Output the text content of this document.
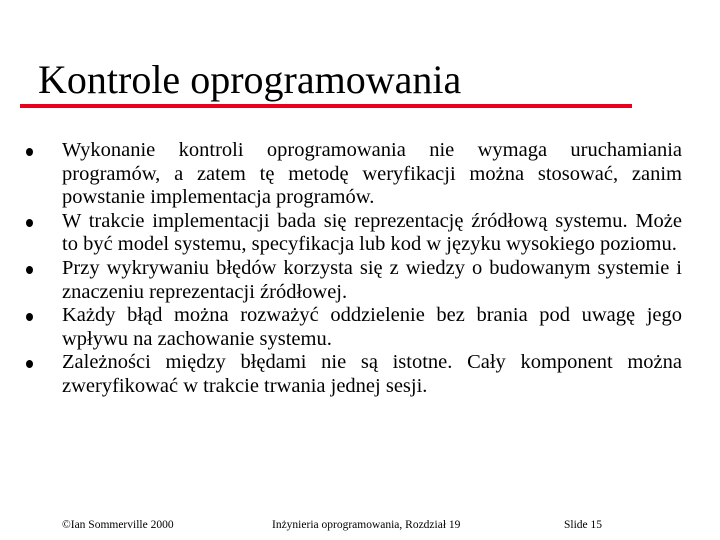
Kontrole oprogramowania
Wykonanie kontroli oprogramowania nie wymaga uruchamiania programów, a zatem tę metodę weryfikacji można stosować, zanim powstanie implementacja programów.
W trakcie implementacji bada się reprezentację źródłową systemu. Może to być model systemu, specyfikacja lub kod w języku wysokiego poziomu.
Przy wykrywaniu błędów korzysta się z wiedzy o budowanym systemie i znaczeniu reprezentacji źródłowej.
Każdy błąd można rozważyć oddzielenie bez brania pod uwagę jego wpływu na zachowanie systemu.
Zależności między błędami nie są istotne. Cały komponent można zweryfikować w trakcie trwania jednej sesji.
©Ian Sommerville 2000	Inżynieria oprogramowania, Rozdział 19	Slide 15
